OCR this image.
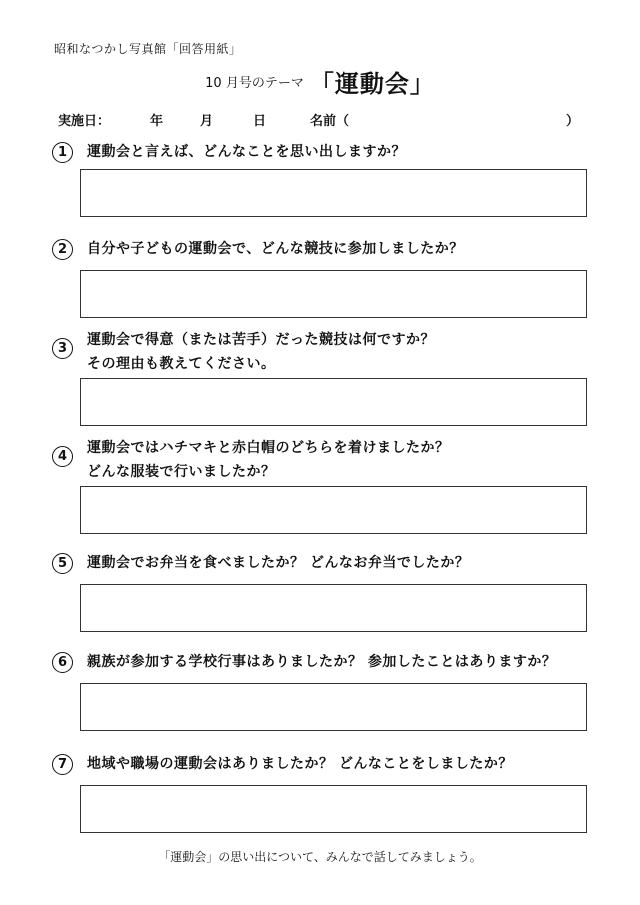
昭和なつかし写真館「回答用紙」
10 月号のテーマ 「運動会」
実施日：	年	月	日	名前（	）
1	運動会と言えば、どんなことを思い出しますか？
2	自分や子どもの運動会で、どんな競技に参加しましたか？
3
運動会で得意（または苦手）だった競技は何ですか？
その理由も教えてください。
4
運動会ではハチマキと赤白帽のどちらを着けましたか？
どんな服装で行いましたか？
5	運動会でお弁当を食べましたか？ どんなお弁当でしたか？
6	親族が参加する学校行事はありましたか？ 参加したことはありますか？
7	地域や職場の運動会はありましたか？ どんなことをしましたか？
「運動会」の思い出について、みんなで話してみましょう。
